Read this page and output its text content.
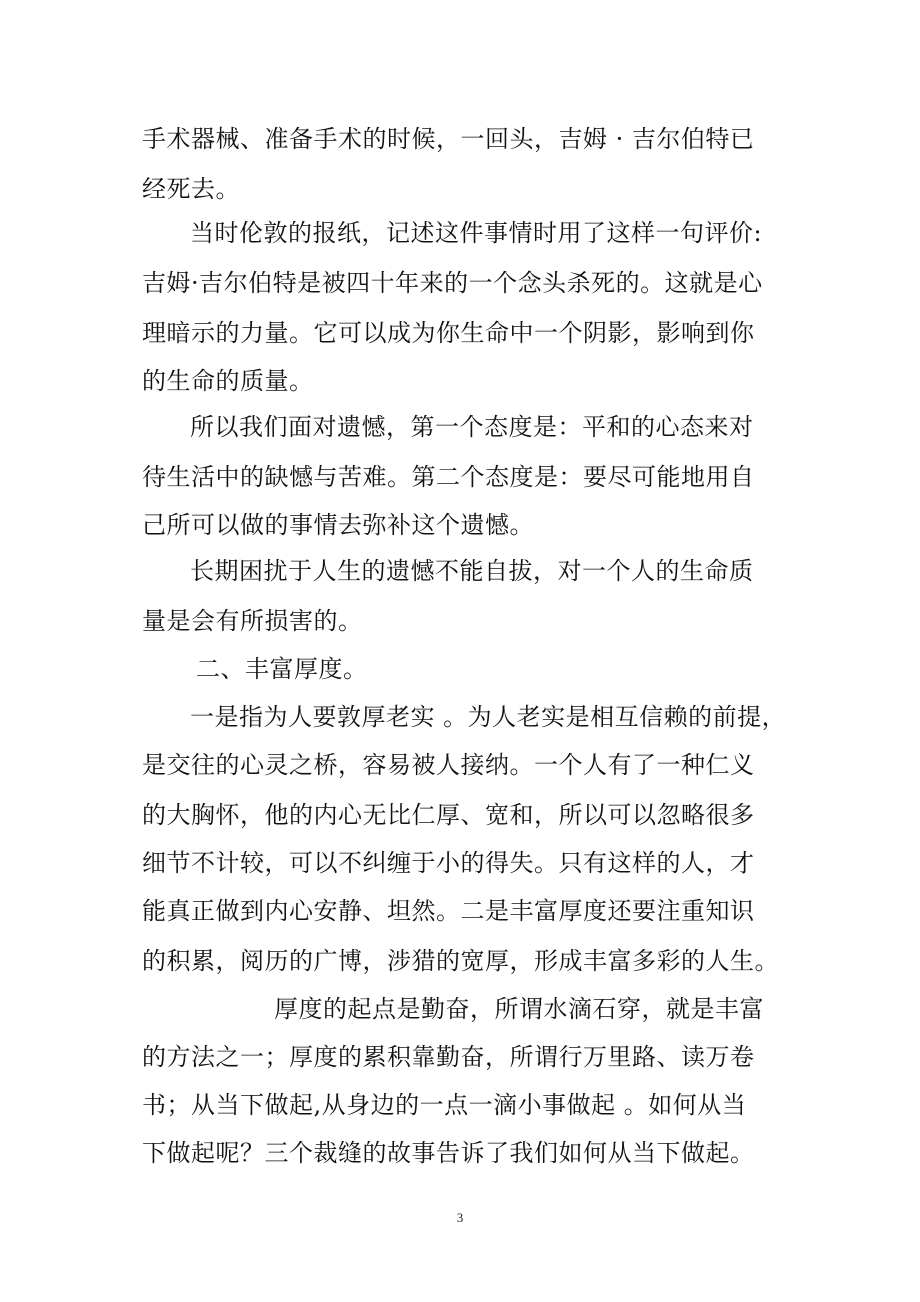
手术器械、准备手术的时候，一回头，吉姆 · 吉尔伯特已
经死去。
当时伦敦的报纸，记述这件事情时用了这样一句评价:
吉姆·吉尔伯特是被四十年来的一个念头杀死的。这就是心
理暗示的力量。它可以成为你生命中一个阴影，影响到你
的生命的质量。
所以我们面对遗憾，第一个态度是：平和的心态来对
待生活中的缺憾与苦难。第二个态度是：要尽可能地用自
己所可以做的事情去弥补这个遗憾。
长期困扰于人生的遗憾不能自拔，对一个人的生命质
量是会有所损害的。
二、丰富厚度。
一是指为人要敦厚老实 。为人老实是相互信赖的前提，
是交往的心灵之桥，容易被人接纳。一个人有了一种仁义
的大胸怀，他的内心无比仁厚、宽和，所以可以忽略很多
细节不计较，可以不纠缠于小的得失。只有这样的人，才
能真正做到内心安静、坦然。二是丰富厚度还要注重知识
的积累，阅历的广博，涉猎的宽厚，形成丰富多彩的人生。
厚度的起点是勤奋，所谓水滴石穿，就是丰富
的方法之一；厚度的累积靠勤奋，所谓行万里路、读万卷
书；从当下做起,从身边的一点一滴小事做起 。如何从当
下做起呢？三个裁缝的故事告诉了我们如何从当下做起。
3
